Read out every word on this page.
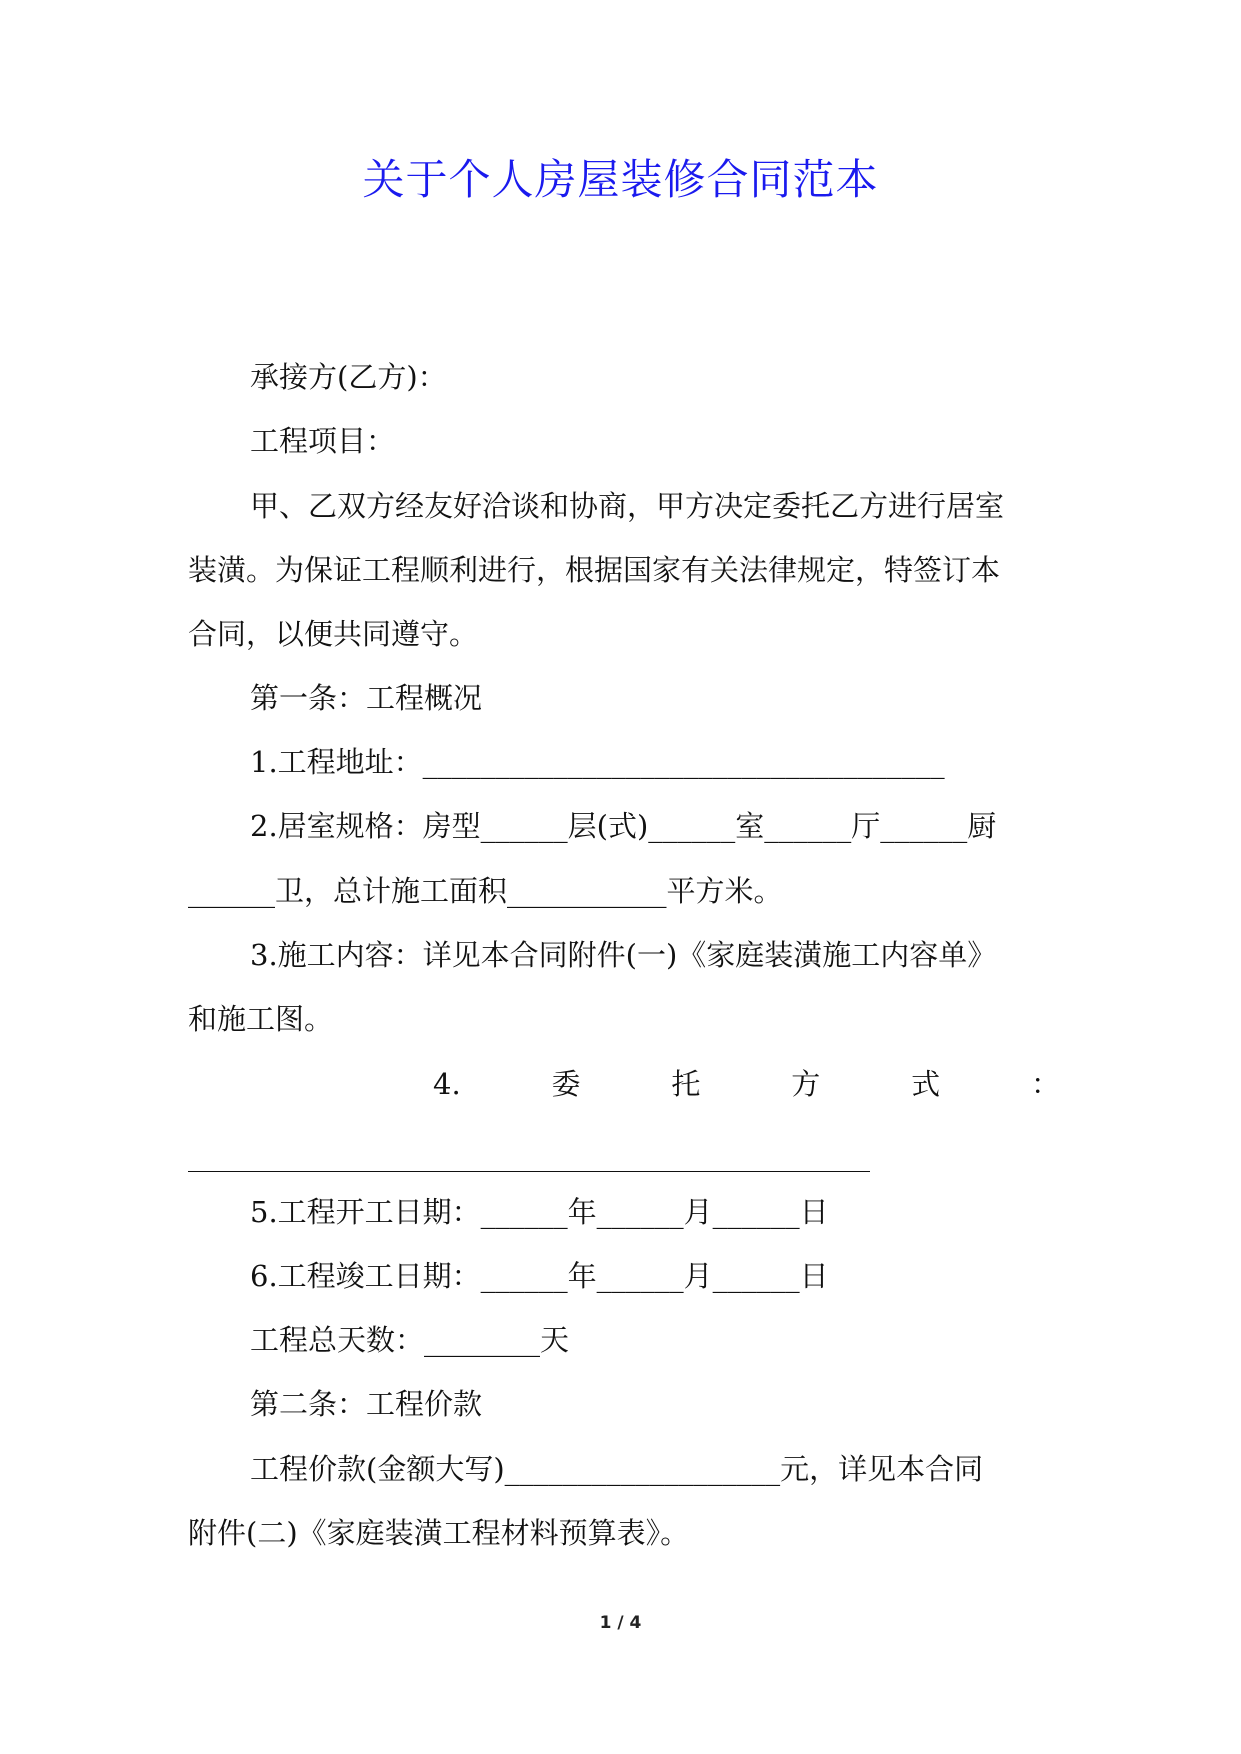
关于个人房屋装修合同范本
承接方(乙方)：
工程项目：
甲、乙双方经友好洽谈和协商，甲方决定委托乙方进行居室
装潢。为保证工程顺利进行，根据国家有关法律规定，特签订本
合同，以便共同遵守。
第一条：工程概况
1.工程地址：____________________________________
2.居室规格：房型______层(式)______室______厅______厨
______卫，总计施工面积___________平方米。
3.施工内容：详见本合同附件(一)《家庭装潢施工内容单》
和施工图。
4.	委	托	方	式	：
5.工程开工日期：______年______月______日
6.工程竣工日期：______年______月______日
工程总天数：________天
第二条：工程价款
工程价款(金额大写)___________________元，详见本合同
附件(二)《家庭装潢工程材料预算表》。
1 / 4
